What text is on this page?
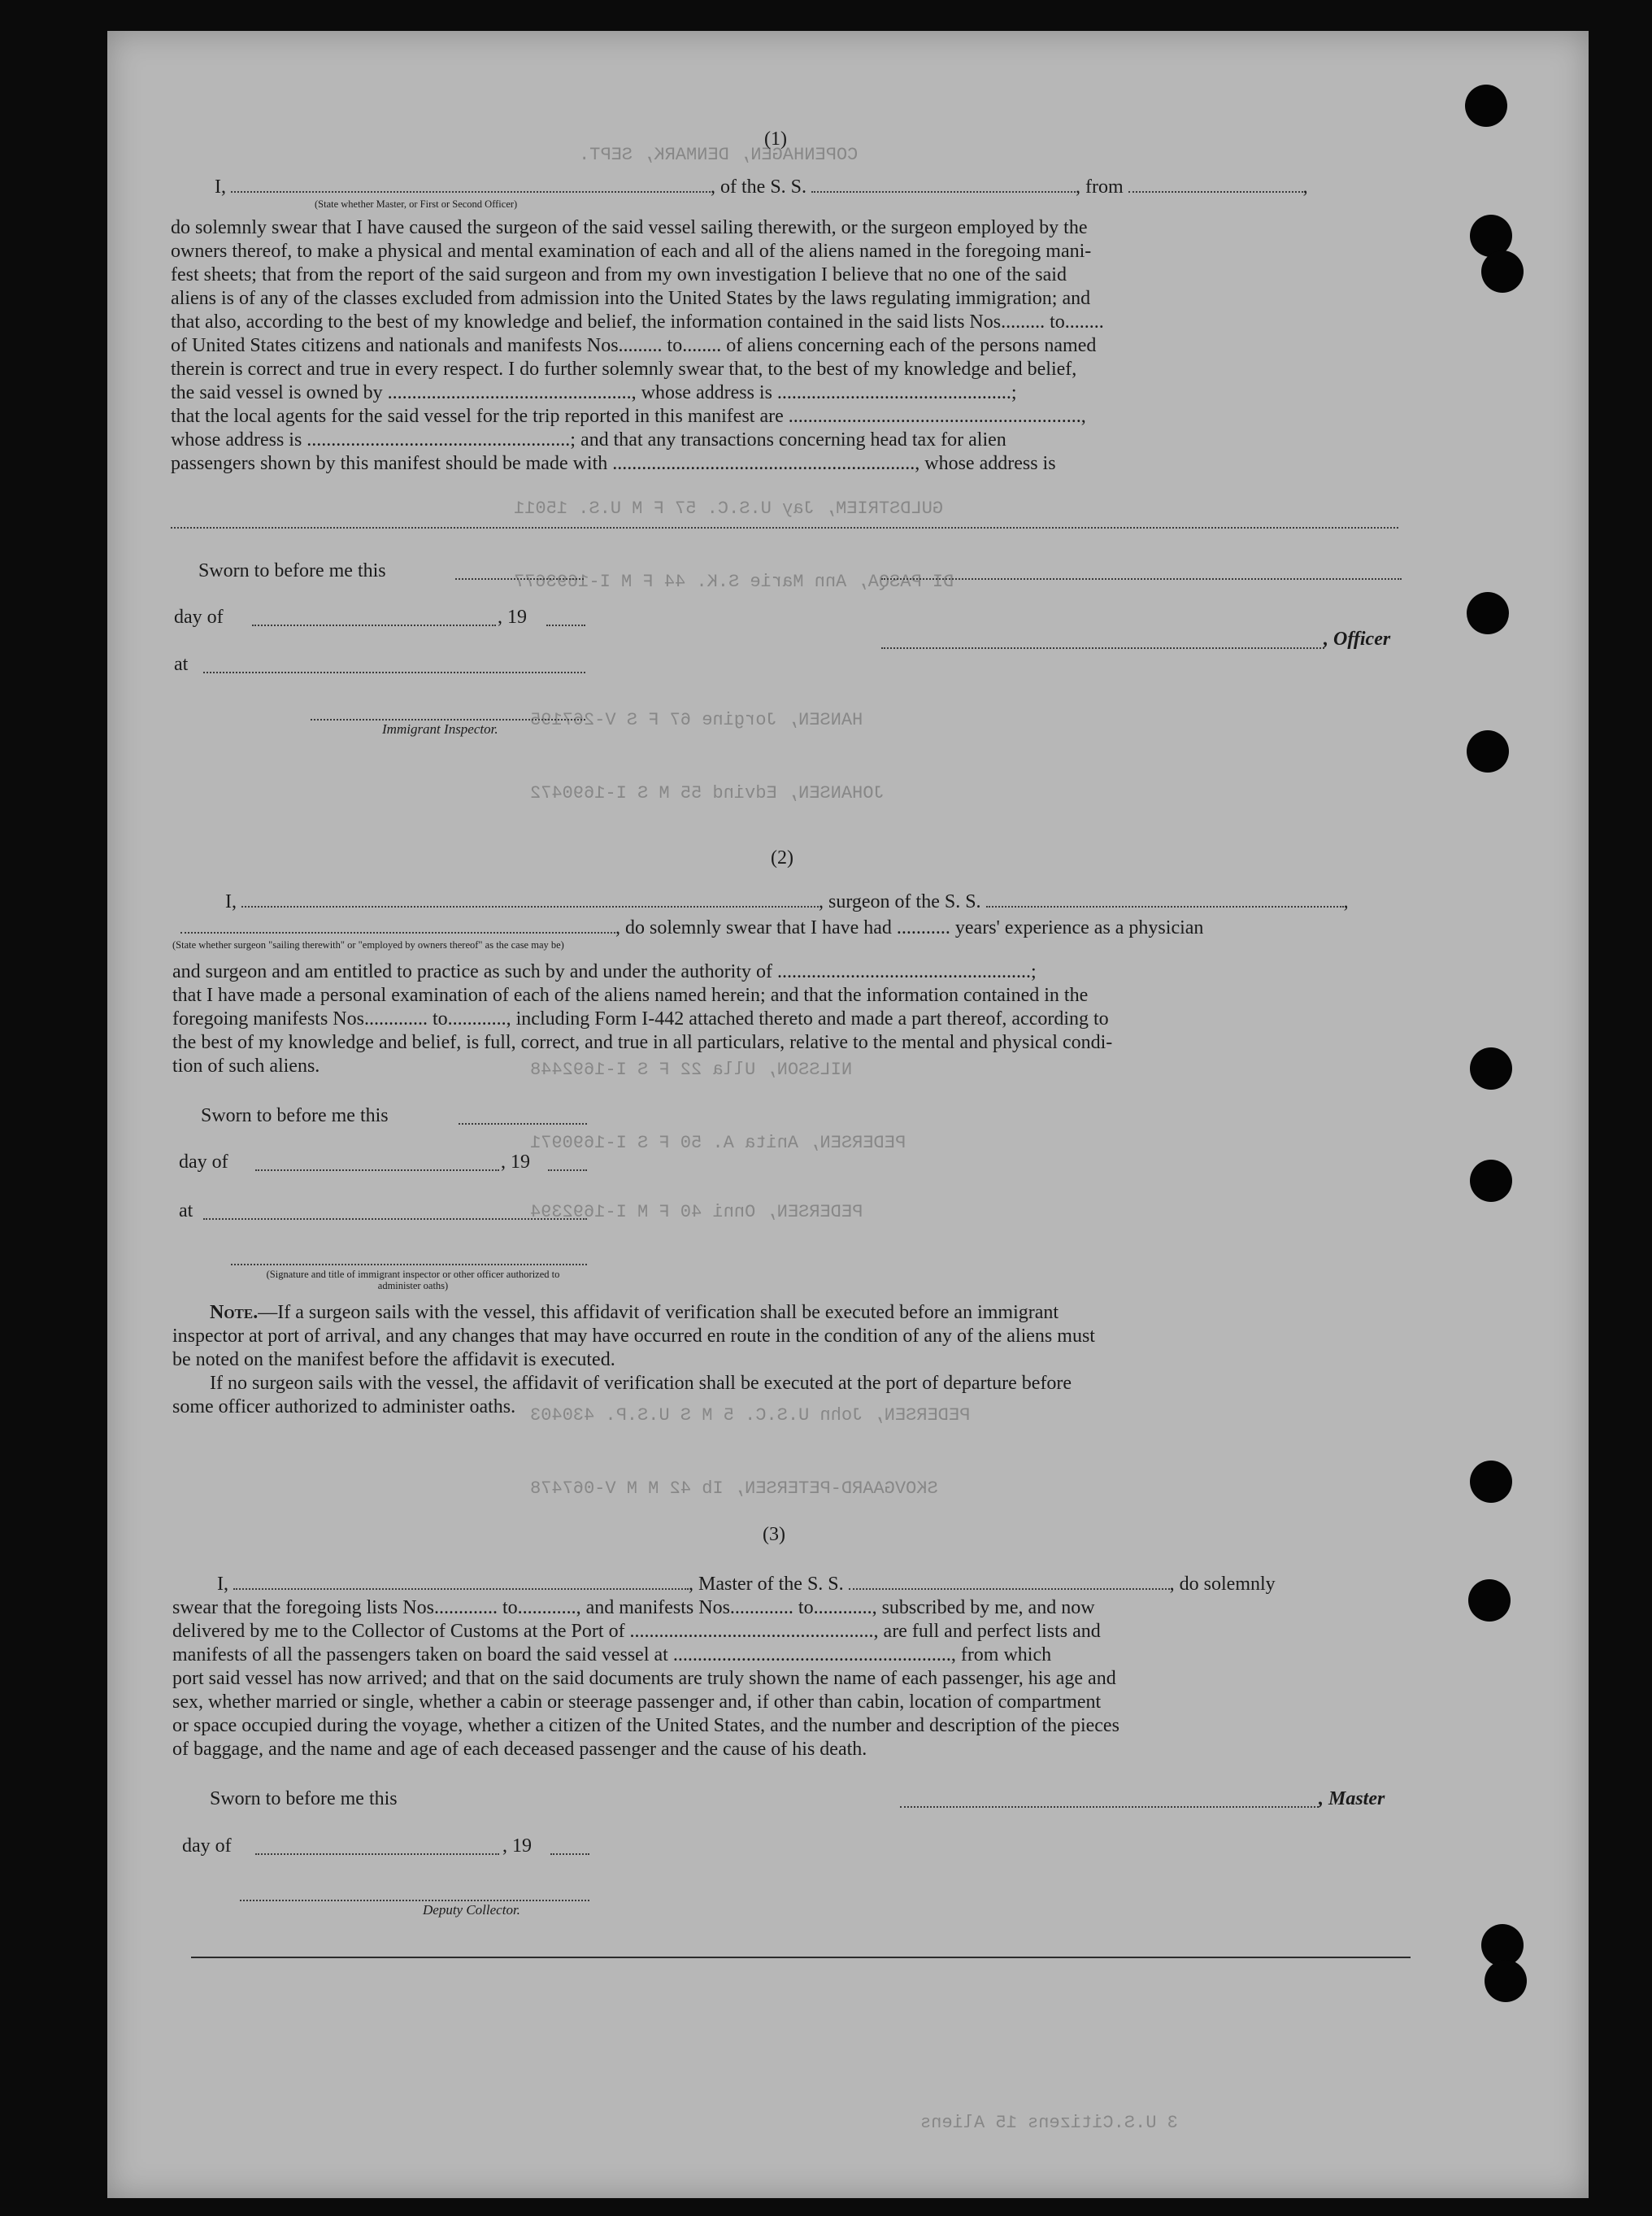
COPENHAGEN, DENMARK, SEPT.
GULDSTRIEM, Jay U.S.C. 57 F M U.S. 15011
DI PASQA, Ann Marie S.K. 44 F M I-1693677
HANSEN, Jorgine 67 F S V-267195
JOHANSEN, Edvind 55 M S I-1690472
NILSSON, Ulla 22 F S I-1692448
PEDERSEN, Anita A. 50 F S I-1690971
PEDERSEN, Onni 40 F M I-1692394
PEDERSEN, John U.S.C. 5 M S U.S.P. 430403
SKOVGAARD-PETERSEN, Ib 42 M M V-067478
3 U.S.Citizens 15 Aliens
(1)
I,	, of the S. S.	, from	,
(State whether Master, or First or Second Officer)
do solemnly swear that I have caused the surgeon of the said vessel sailing therewith, or the surgeon employed by the
owners thereof, to make a physical and mental examination of each and all of the aliens named in the foregoing mani-
fest sheets; that from the report of the said surgeon and from my own investigation I believe that no one of the said
aliens is of any of the classes excluded from admission into the United States by the laws regulating immigration; and
that also, according to the best of my knowledge and belief, the information contained in the said lists Nos......... to........
of United States citizens and nationals and manifests Nos......... to........ of aliens concerning each of the persons named
therein is correct and true in every respect. I do further solemnly swear that, to the best of my knowledge and belief,
the said vessel is owned by .................................................., whose address is ................................................;
that the local agents for the said vessel for the trip reported in this manifest are ............................................................,
whose address is ......................................................; and that any transactions concerning head tax for alien
passengers shown by this manifest should be made with .............................................................., whose address is
Sworn to before me this
day of	, 19
at
Immigrant Inspector.
, Officer
(2)
I,	, surgeon of the S. S.	,
, do solemnly swear that I have had ........... years' experience as a physician
(State whether surgeon "sailing therewith" or "employed by owners thereof" as the case may be)
and surgeon and am entitled to practice as such by and under the authority of ....................................................;
that I have made a personal examination of each of the aliens named herein; and that the information contained in the
foregoing manifests Nos............. to............, including Form I-442 attached thereto and made a part thereof, according to
the best of my knowledge and belief, is full, correct, and true in all particulars, relative to the mental and physical condi-
tion of such aliens.
Sworn to before me this
day of	, 19
at
(Signature and title of immigrant inspector or other officer authorized to administer oaths)
Note.—If a surgeon sails with the vessel, this affidavit of verification shall be executed before an immigrant
inspector at port of arrival, and any changes that may have occurred en route in the condition of any of the aliens must
be noted on the manifest before the affidavit is executed.
If no surgeon sails with the vessel, the affidavit of verification shall be executed at the port of departure before
some officer authorized to administer oaths.
(3)
I,	, Master of the S. S.	, do solemnly
swear that the foregoing lists Nos............. to............, and manifests Nos............. to............, subscribed by me, and now
delivered by me to the Collector of Customs at the Port of .................................................., are full and perfect lists and
manifests of all the passengers taken on board the said vessel at ........................................................., from which
port said vessel has now arrived; and that on the said documents are truly shown the name of each passenger, his age and
sex, whether married or single, whether a cabin or steerage passenger and, if other than cabin, location of compartment
or space occupied during the voyage, whether a citizen of the United States, and the number and description of the pieces
of baggage, and the name and age of each deceased passenger and the cause of his death.
Sworn to before me this	, Master
day of	, 19
Deputy Collector.
